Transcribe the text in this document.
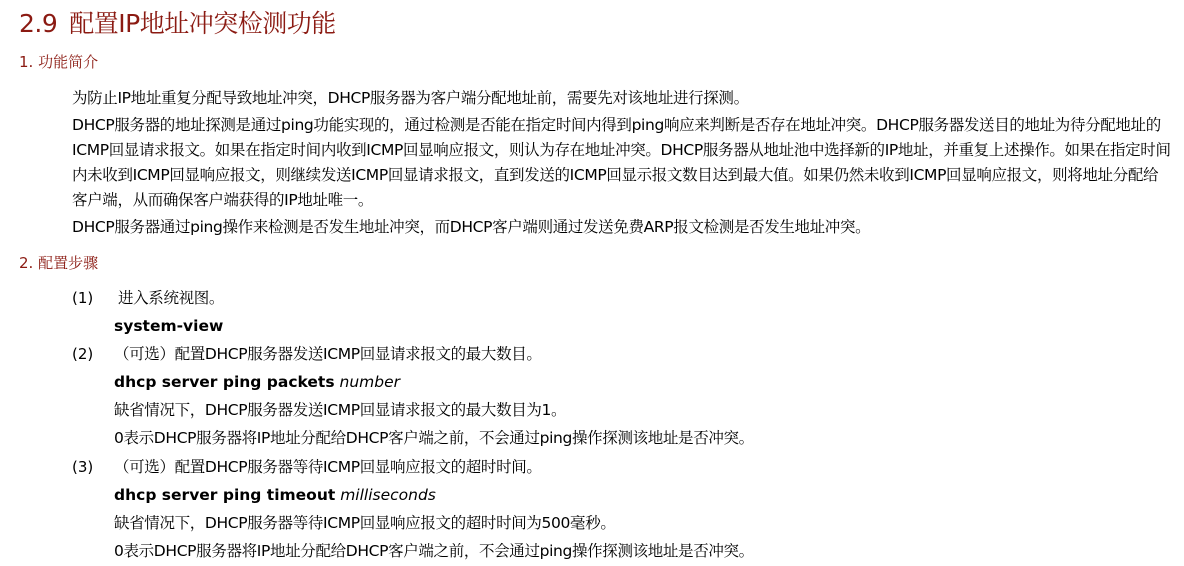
2.9 配置IP地址冲突检测功能
1. 功能简介
为防止IP地址重复分配导致地址冲突，DHCP服务器为客户端分配地址前，需要先对该地址进行探测。
DHCP服务器的地址探测是通过ping功能实现的，通过检测是否能在指定时间内得到ping响应来判断是否存在地址冲突。DHCP服务器发送目的地址为待分配地址的ICMP回显请求报文。如果在指定时间内收到ICMP回显响应报文，则认为存在地址冲突。DHCP服务器从地址池中选择新的IP地址，并重复上述操作。如果在指定时间内未收到ICMP回显响应报文，则继续发送ICMP回显请求报文，直到发送的ICMP回显示报文数目达到最大值。如果仍然未收到ICMP回显响应报文，则将地址分配给客户端，从而确保客户端获得的IP地址唯一。
DHCP服务器通过ping操作来检测是否发生地址冲突，而DHCP客户端则通过发送免费ARP报文检测是否发生地址冲突。
2. 配置步骤
(1) 进入系统视图。
system-view
(2) （可选）配置DHCP服务器发送ICMP回显请求报文的最大数目。
dhcp server ping packets number
缺省情况下，DHCP服务器发送ICMP回显请求报文的最大数目为1。
0表示DHCP服务器将IP地址分配给DHCP客户端之前，不会通过ping操作探测该地址是否冲突。
(3) （可选）配置DHCP服务器等待ICMP回显响应报文的超时时间。
dhcp server ping timeout milliseconds
缺省情况下，DHCP服务器等待ICMP回显响应报文的超时时间为500毫秒。
0表示DHCP服务器将IP地址分配给DHCP客户端之前，不会通过ping操作探测该地址是否冲突。
